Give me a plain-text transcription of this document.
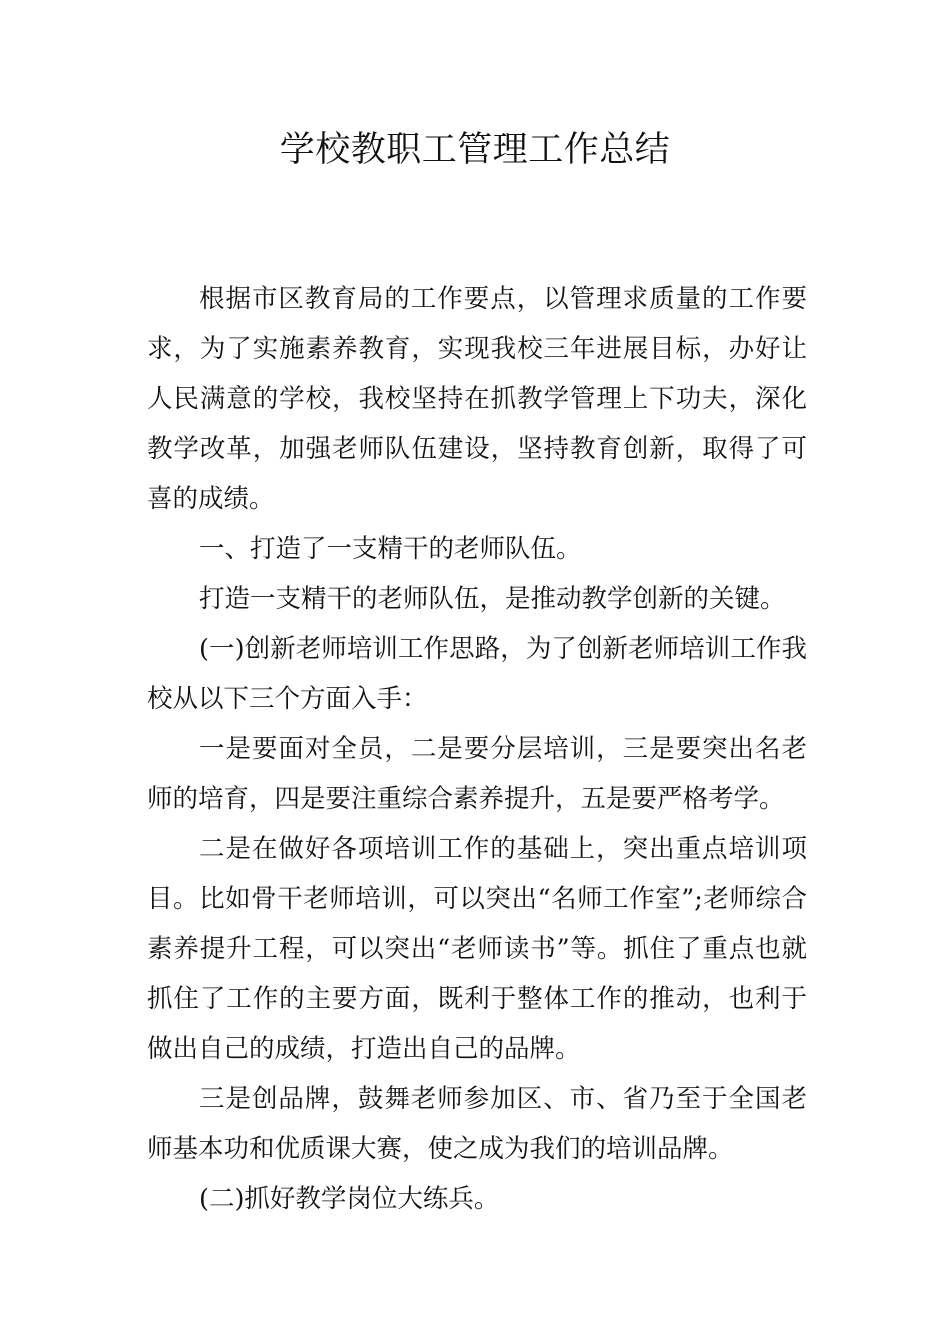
学校教职工管理工作总结

根据市区教育局的工作要点，以管理求质量的工作要求，为了实施素养教育，实现我校三年进展目标，办好让人民满意的学校，我校坚持在抓教学管理上下功夫，深化教学改革，加强老师队伍建设，坚持教育创新，取得了可喜的成绩。

一、打造了一支精干的老师队伍。

打造一支精干的老师队伍，是推动教学创新的关键。

(一)创新老师培训工作思路，为了创新老师培训工作我校从以下三个方面入手：

一是要面对全员，二是要分层培训，三是要突出名老师的培育，四是要注重综合素养提升，五是要严格考学。

二是在做好各项培训工作的基础上，突出重点培训项目。比如骨干老师培训，可以突出“名师工作室”;老师综合素养提升工程，可以突出“老师读书”等。抓住了重点也就抓住了工作的主要方面，既利于整体工作的推动，也利于做出自己的成绩，打造出自己的品牌。

三是创品牌，鼓舞老师参加区、市、省乃至于全国老师基本功和优质课大赛，使之成为我们的培训品牌。

(二)抓好教学岗位大练兵。
